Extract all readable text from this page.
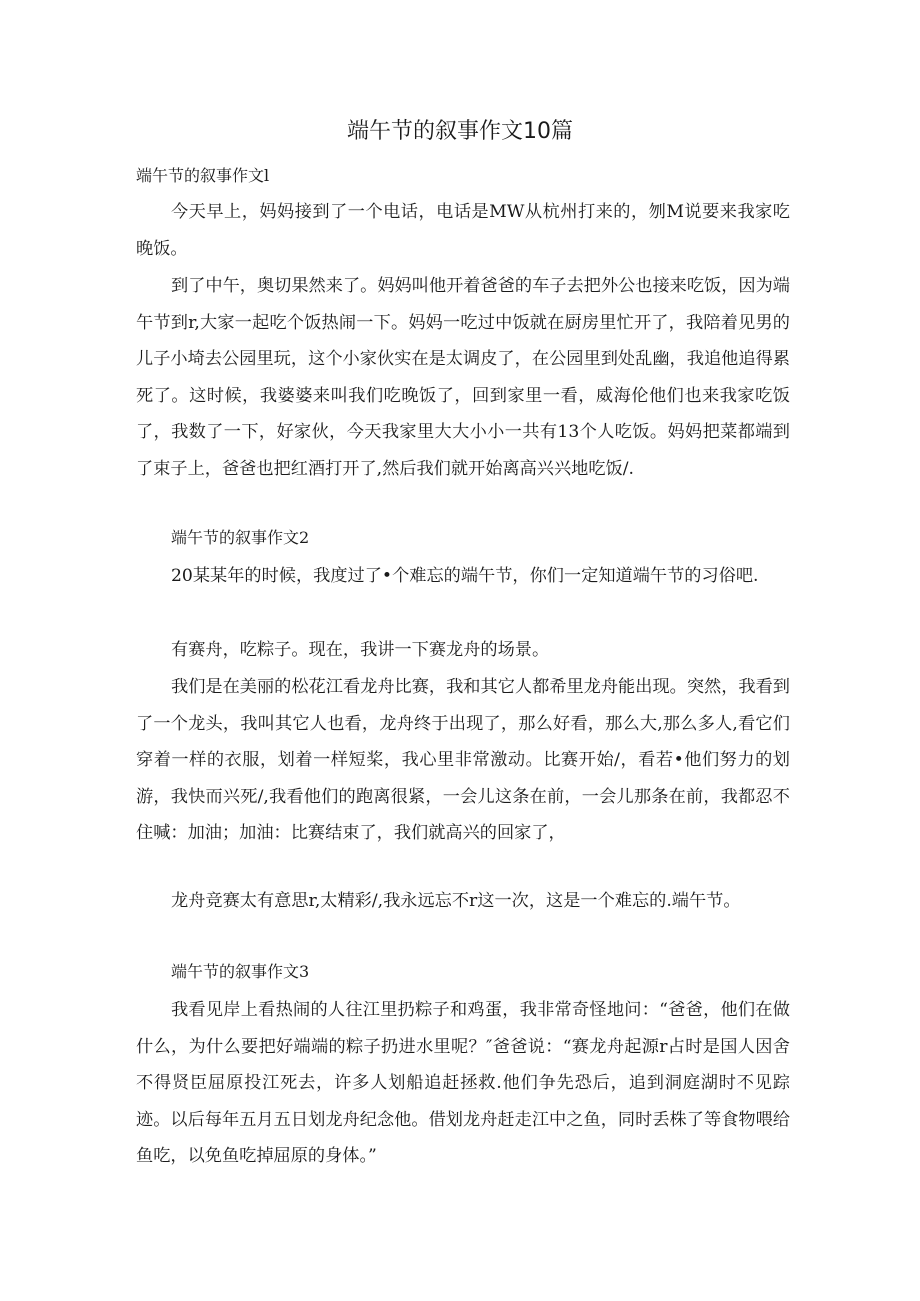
端午节的叙事作文10篇
端午节的叙事作文l

今天早上，妈妈接到了一个电话，电话是MW从杭州打来的，刎M说要来我家吃晚饭。

到了中午，奥切果然来了。妈妈叫他开着爸爸的车子去把外公也接来吃饭，因为端午节到r,大家一起吃个饭热闹一下。妈妈一吃过中饭就在厨房里忙开了，我陪着见男的儿子小埼去公园里玩，这个小家伙实在是太调皮了，在公园里到处乱幽，我追他追得累死了。这时候，我婆婆来叫我们吃晚饭了，回到家里一看，威海伦他们也来我家吃饭了，我数了一下，好家伙，今天我家里大大小小一共有13个人吃饭。妈妈把菜都端到了束子上，爸爸也把红酒打开了,然后我们就开始离高兴兴地吃饭/.

端午节的叙事作文2

20某某年的时候，我度过了•个难忘的端午节，你们一定知道端午节的习俗吧.

有赛舟，吃粽子。现在，我讲一下赛龙舟的场景。

我们是在美丽的松花江看龙舟比赛，我和其它人都希里龙舟能出现。突然，我看到了一个龙头，我叫其它人也看，龙舟终于出现了，那么好看，那么大,那么多人,看它们穿着一样的衣服，划着一样短桨，我心里非常激动。比赛开始/，看若•他们努力的划游，我快而兴死/,我看他们的跑离很紧，一会儿这条在前，一会儿那条在前，我都忍不住喊：加油；加油：比赛结束了，我们就高兴的回家了，

龙舟竞赛太有意思r,太精彩/,我永远忘不r这一次，这是一个难忘的.端午节。

端午节的叙事作文3

我看见岸上看热闹的人往江里扔粽子和鸡蛋，我非常奇怪地问：“爸爸，他们在做什么，为什么要把好端端的粽子扔进水里呢？″爸爸说：“赛龙舟起源r占时是国人因舍不得贤臣屈原投江死去，许多人划船追赶拯救.他们争先恐后，追到洞庭湖时不见踪迹。以后每年五月五日划龙舟纪念他。借划龙舟赶走江中之鱼，同时丢株了等食物喂给鱼吃，以免鱼吃掉屈原的身体。”
